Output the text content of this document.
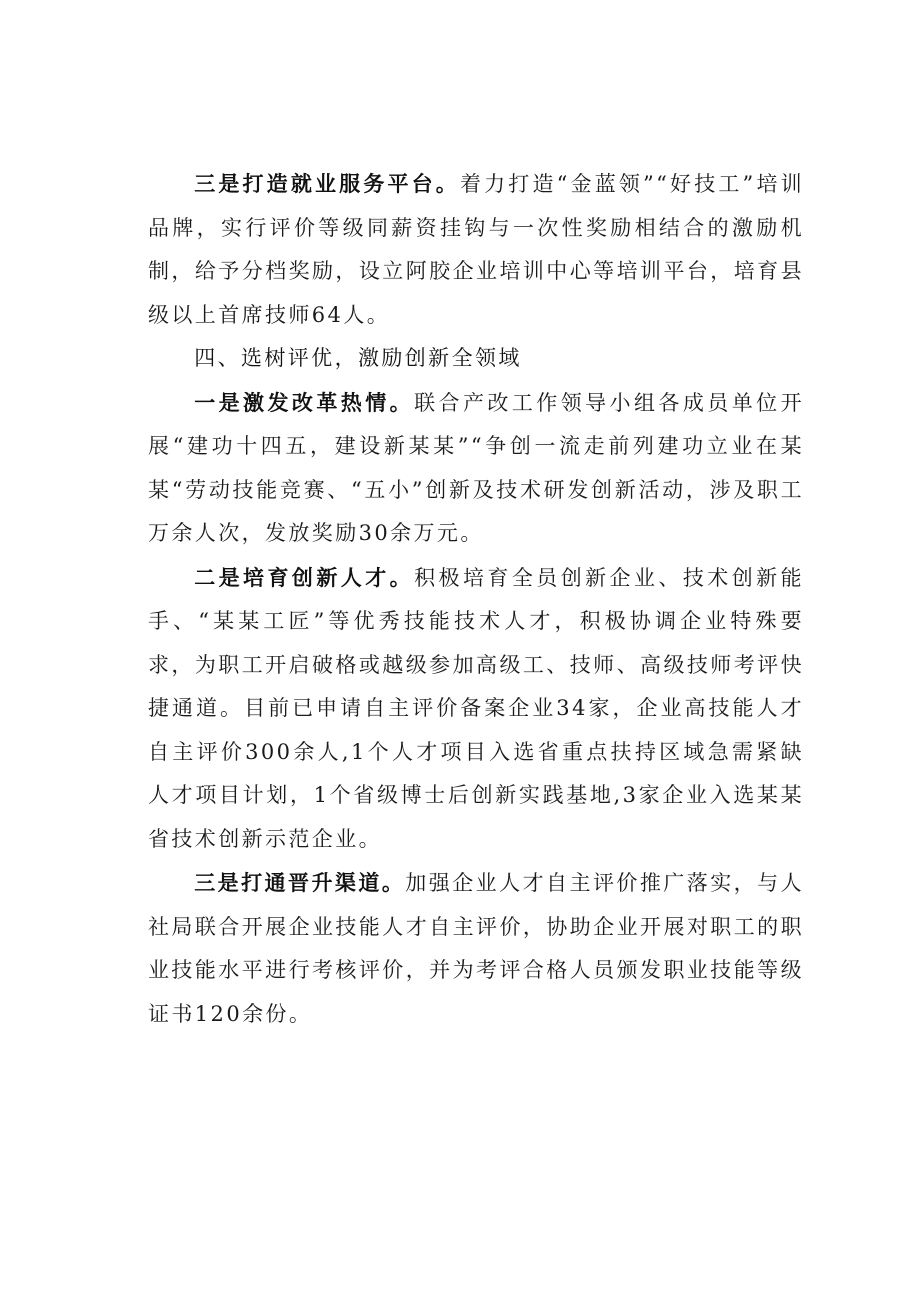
三是打造就业服务平台。着力打造“金蓝领”“好技工”培训品牌，实行评价等级同薪资挂钩与一次性奖励相结合的激励机制，给予分档奖励，设立阿胶企业培训中心等培训平台，培育县级以上首席技师64人。

四、选树评优，激励创新全领域

一是激发改革热情。联合产改工作领导小组各成员单位开展“建功十四五，建设新某某”“争创一流走前列建功立业在某某“劳动技能竞赛、“五小”创新及技术研发创新活动，涉及职工万余人次，发放奖励30余万元。

二是培育创新人才。积极培育全员创新企业、技术创新能手、“某某工匠”等优秀技能技术人才，积极协调企业特殊要求，为职工开启破格或越级参加高级工、技师、高级技师考评快捷通道。目前已申请自主评价备案企业34家，企业高技能人才自主评价300余人,1个人才项目入选省重点扶持区域急需紧缺人才项目计划，1个省级博士后创新实践基地,3家企业入选某某省技术创新示范企业。

三是打通晋升渠道。加强企业人才自主评价推广落实，与人社局联合开展企业技能人才自主评价，协助企业开展对职工的职业技能水平进行考核评价，并为考评合格人员颁发职业技能等级证书120余份。
